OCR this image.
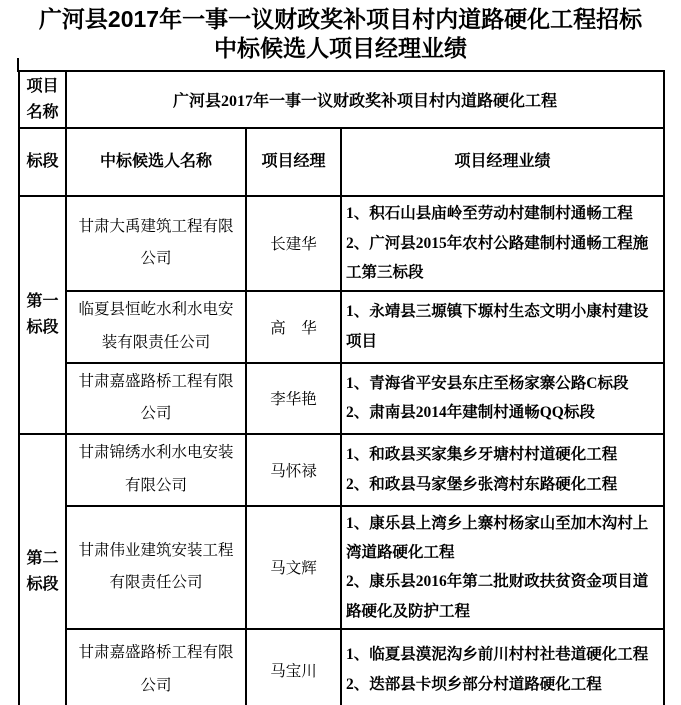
广河县2017年一事一议财政奖补项目村内道路硬化工程招标
中标候选人项目经理业绩
项目名称	广河县2017年一事一议财政奖补项目村内道路硬化工程		
标段	中标候选人名称	项目经理	项目经理业绩
第一标段	甘肃大禹建筑工程有限公司	长建华	1、积石山县庙岭至劳动村建制村通畅工程
2、广河县2015年农村公路建制村通畅工程施工第三标段

	临夏县恒屹水利水电安装有限责任公司	高　华	1、永靖县三塬镇下塬村生态文明小康村建设项目

	甘肃嘉盛路桥工程有限公司	李华艳	1、青海省平安县东庄至杨家寨公路C标段
2、肃南县2014年建制村通畅QQ标段

第二标段	甘肃锦绣水利水电安装有限公司	马怀禄	1、和政县买家集乡牙塘村村道硬化工程
2、和政县马家堡乡张湾村东路硬化工程

	甘肃伟业建筑安装工程有限责任公司	马文辉	1、康乐县上湾乡上寨村杨家山至加木沟村上湾道路硬化工程
2、康乐县2016年第二批财政扶贫资金项目道路硬化及防护工程

	甘肃嘉盛路桥工程有限公司	马宝川	1、临夏县漠泥沟乡前川村村社巷道硬化工程
2、迭部县卡坝乡部分村道路硬化工程
